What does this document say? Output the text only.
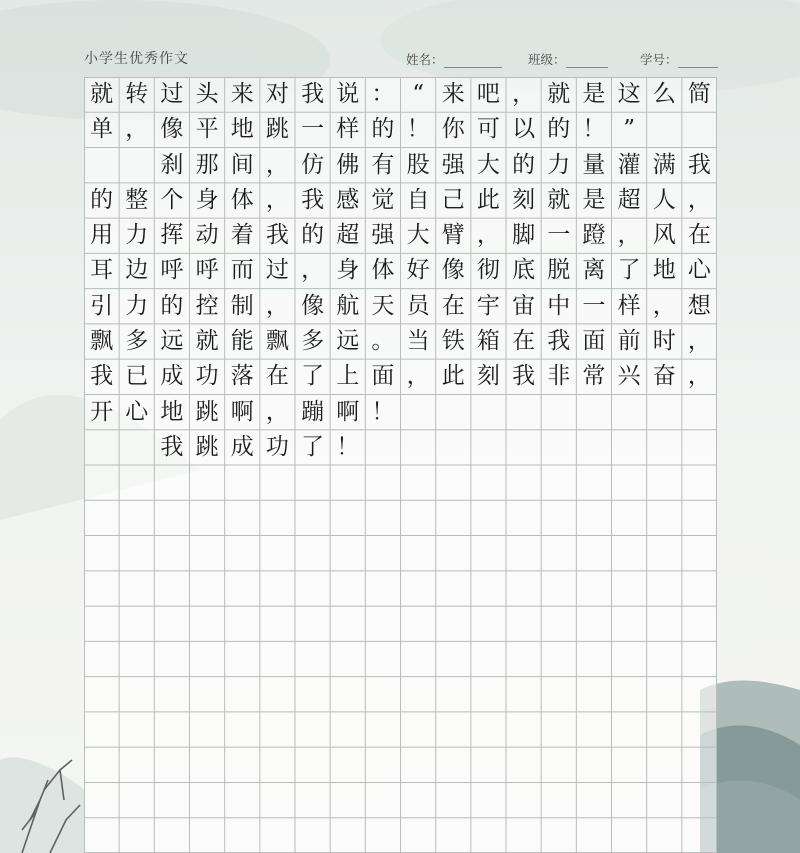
小学生优秀作文	姓名：	班级：	学号：
就 转 过 头 来 对 我 说 ： “ 来 吧 ， 就 是 这 么 简
单 ， 像 平 地 跳 一 样 的 ！ 你 可 以 的 ！ ”
刹 那 间 ， 仿 佛 有 股 强 大 的 力 量 灌 满 我
的 整 个 身 体 ， 我 感 觉 自 己 此 刻 就 是 超 人 ，
用 力 挥 动 着 我 的 超 强 大 臂 ， 脚 一 蹬 ， 风 在
耳 边 呼 呼 而 过 ， 身 体 好 像 彻 底 脱 离 了 地 心
引 力 的 控 制 ， 像 航 天 员 在 宇 宙 中 一 样 ， 想
飘 多 远 就 能 飘 多 远 。 当 铁 箱 在 我 面 前 时 ，
我 已 成 功 落 在 了 上 面 ， 此 刻 我 非 常 兴 奋 ，
开 心 地 跳 啊 ， 蹦 啊 ！
我 跳 成 功 了 ！
